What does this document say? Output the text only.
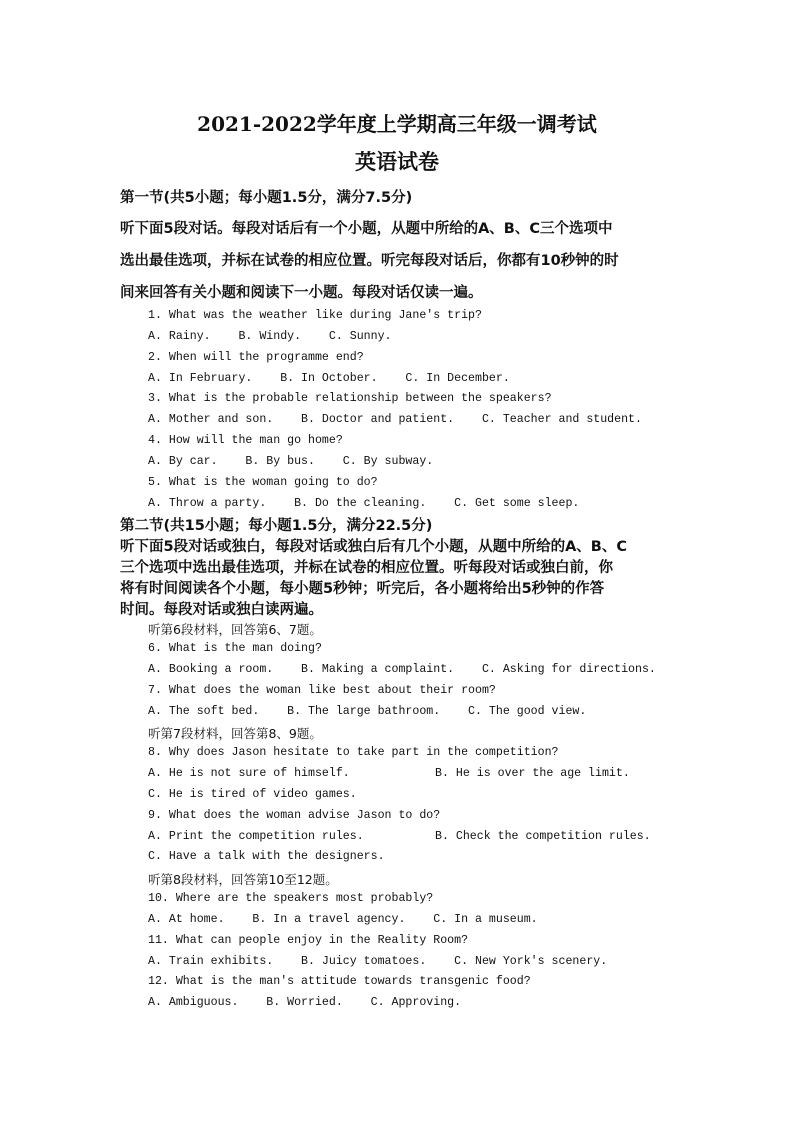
2021-2022学年度上学期高三年级一调考试
英语试卷
第一节(共5小题；每小题1.5分，满分7.5分)
听下面5段对话。每段对话后有一个小题，从题中所给的A、B、C三个选项中
选出最佳选项，并标在试卷的相应位置。听完每段对话后，你都有10秒钟的时
间来回答有关小题和阅读下一小题。每段对话仅读一遍。
1. What was the weather like during Jane's trip?
A. Rainy.    B. Windy.    C. Sunny.
2. When will the programme end?
A. In February.    B. In October.    C. In December.
3. What is the probable relationship between the speakers?
A. Mother and son.    B. Doctor and patient.    C. Teacher and student.
4. How will the man go home?
A. By car.    B. By bus.    C. By subway.
5. What is the woman going to do?
A. Throw a party.    B. Do the cleaning.    C. Get some sleep.
第二节(共15小题；每小题1.5分，满分22.5分)
听下面5段对话或独白，每段对话或独白后有几个小题，从题中所给的A、B、C
三个选项中选出最佳选项，并标在试卷的相应位置。听每段对话或独白前，你
将有时间阅读各个小题，每小题5秒钟；听完后，各小题将给出5秒钟的作答
时间。每段对话或独白读两遍。
听第6段材料，回答第6、7题。
6. What is the man doing?
A. Booking a room.    B. Making a complaint.    C. Asking for directions.
7. What does the woman like best about their room?
A. The soft bed.    B. The large bathroom.    C. The good view.
听第7段材料，回答第8、9题。
8. Why does Jason hesitate to take part in the competition?
A. He is not sure of himself.	B. He is over the age limit.
C. He is tired of video games.
9. What does the woman advise Jason to do?
A. Print the competition rules.	B. Check the competition rules.
C. Have a talk with the designers.
听第8段材料，回答第10至12题。
10. Where are the speakers most probably?
A. At home.    B. In a travel agency.    C. In a museum.
11. What can people enjoy in the Reality Room?
A. Train exhibits.    B. Juicy tomatoes.    C. New York's scenery.
12. What is the man's attitude towards transgenic food?
A. Ambiguous.    B. Worried.    C. Approving.
